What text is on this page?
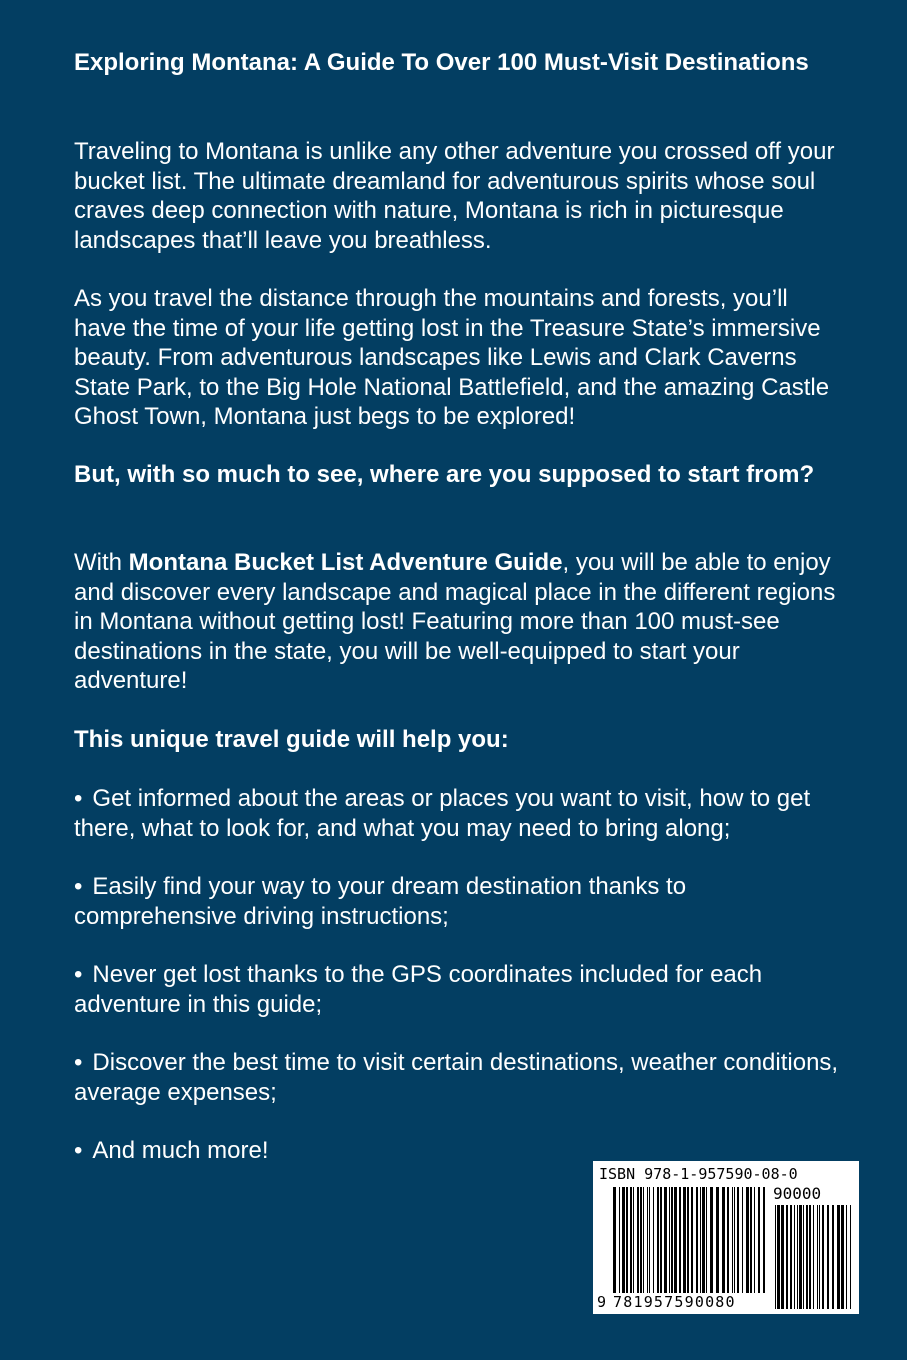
Exploring Montana: A Guide To Over 100 Must-Visit Destinations
Traveling to Montana is unlike any other adventure you crossed off your bucket list. The ultimate dreamland for adventurous spirits whose soul craves deep connection with nature, Montana is rich in picturesque landscapes that’ll leave you breathless.
As you travel the distance through the mountains and forests, you’ll have the time of your life getting lost in the Treasure State’s immersive beauty. From adventurous landscapes like Lewis and Clark Caverns State Park, to the Big Hole National Battlefield, and the amazing Castle Ghost Town, Montana just begs to be explored!
But, with so much to see, where are you supposed to start from?
With Montana Bucket List Adventure Guide, you will be able to enjoy and discover every landscape and magical place in the different regions in Montana without getting lost! Featuring more than 100 must-see destinations in the state, you will be well-equipped to start your adventure!
This unique travel guide will help you:
• Get informed about the areas or places you want to visit, how to get there, what to look for, and what you may need to bring along;
• Easily find your way to your dream destination thanks to comprehensive driving instructions;
• Never get lost thanks to the GPS coordinates included for each adventure in this guide;
• Discover the best time to visit certain destinations, weather conditions, average expenses;
• And much more!
ISBN 978-1-957590-08-0
90000
9 781957590080
